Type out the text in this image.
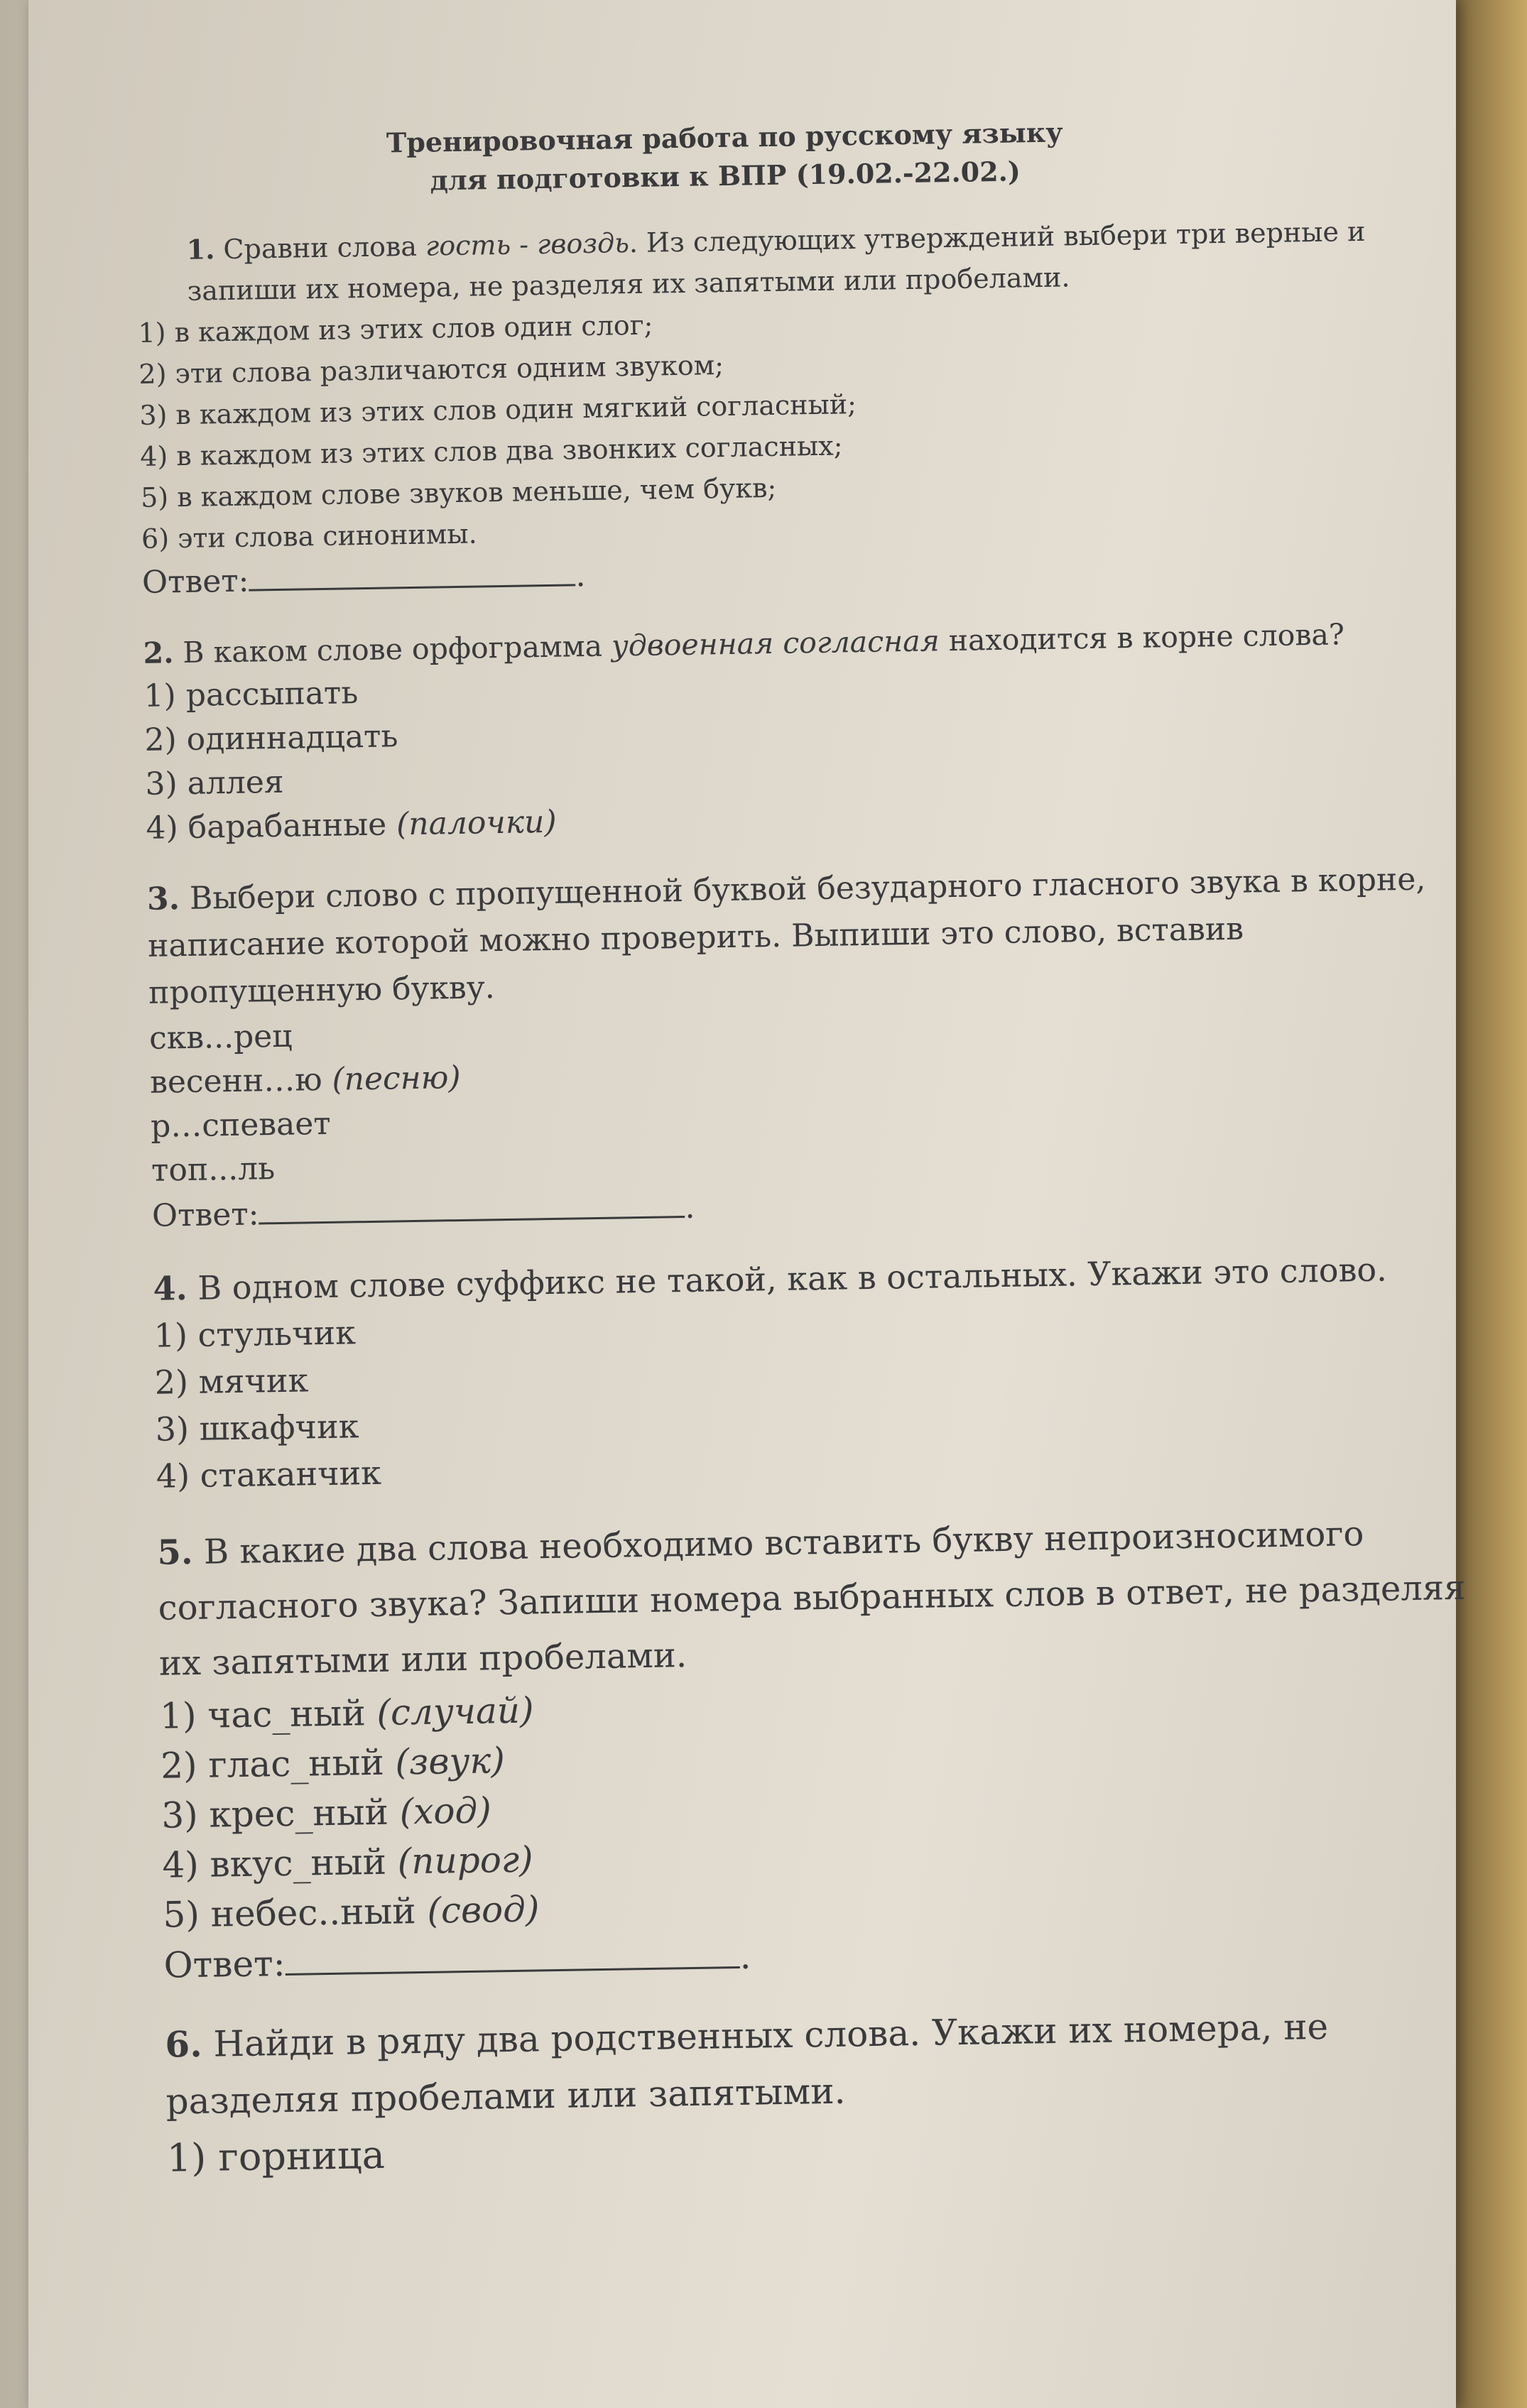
Тренировочная работа по русскому языку
для подготовки к ВПР (19.02.-22.02.)
1. Сравни слова гость - гвоздь. Из следующих утверждений выбери три верные и запиши их номера, не разделяя их запятыми или пробелами.
1) в каждом из этих слов один слог;
2) эти слова различаются одним звуком;
3) в каждом из этих слов один мягкий согласный;
4) в каждом из этих слов два звонких согласных;
5) в каждом слове звуков меньше, чем букв;
6) эти слова синонимы.
Ответ:	.
2. В каком слове орфограмма удвоенная согласная находится в корне слова?
1) рассыпать
2) одиннадцать
3) аллея
4) барабанные (палочки)
3. Выбери слово с пропущенной буквой безударного гласного звука в корне, написание которой можно проверить. Выпиши это слово, вставив пропущенную букву.
скв...рец
весенн…ю (песню)
р…спевает
топ...ль
Ответ:	.
4. В одном слове суффикс не такой, как в остальных. Укажи это слово.
1) стульчик
2) мячик
3) шкафчик
4) стаканчик
5. В какие два слова необходимо вставить букву непроизносимого согласного звука? Запиши номера выбранных слов в ответ, не разделяя их запятыми или пробелами.
1) час_ный (случай)
2) глас_ный (звук)
3) крес_ный (ход)
4) вкус_ный (пирог)
5) небес..ный (свод)
Ответ:	.
6. Найди в ряду два родственных слова. Укажи их номера, не разделяя пробелами или запятыми.
1) горница
